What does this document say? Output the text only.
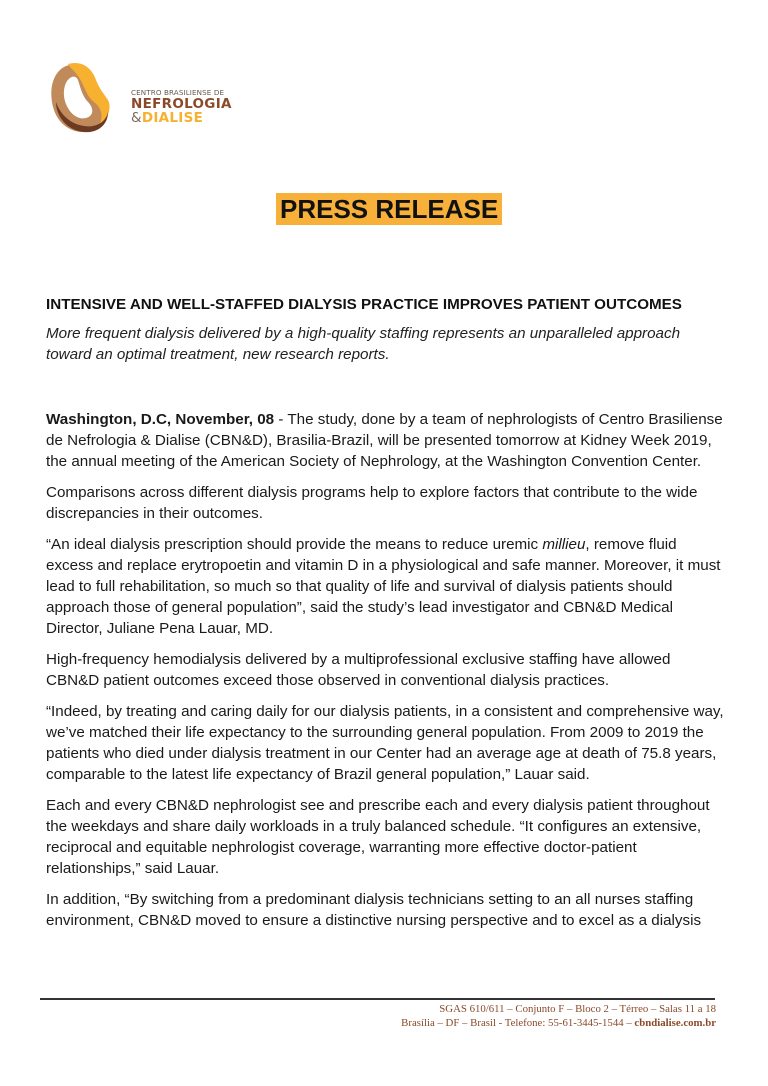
CENTRO BRASILIENSE DE
NEFROLOGIA
&DIALISE
PRESS RELEASE
INTENSIVE AND WELL-STAFFED DIALYSIS PRACTICE IMPROVES PATIENT OUTCOMES

More frequent dialysis delivered by a high-quality staffing represents an unparalleled approach toward an optimal treatment, new research reports.

Washington, D.C, November, 08 - The study, done by a team of nephrologists of Centro Brasiliense de Nefrologia & Dialise (CBN&D), Brasilia-Brazil, will be presented tomorrow at Kidney Week 2019, the annual meeting of the American Society of Nephrology, at the Washington Convention Center.

Comparisons across different dialysis programs help to explore factors that contribute to the wide discrepancies in their outcomes.

“An ideal dialysis prescription should provide the means to reduce uremic millieu, remove fluid excess and replace erytropoetin and vitamin D in a physiological and safe manner. Moreover, it must lead to full rehabilitation, so much so that quality of life and survival of dialysis patients should approach those of general population”, said the study’s lead investigator and CBN&D Medical Director, Juliane Pena Lauar, MD.

High-frequency hemodialysis delivered by a multiprofessional exclusive staffing have allowed CBN&D patient outcomes exceed those observed in conventional dialysis practices.

“Indeed, by treating and caring daily for our dialysis patients, in a consistent and comprehensive way, we’ve matched their life expectancy to the surrounding general population. From 2009 to 2019 the patients who died under dialysis treatment in our Center had an average age at death of 75.8 years, comparable to the latest life expectancy of Brazil general population,” Lauar said.

Each and every CBN&D nephrologist see and prescribe each and every dialysis patient throughout the weekdays and share daily workloads in a truly balanced schedule. “It configures an extensive, reciprocal and equitable nephrologist coverage, warranting more effective doctor-patient relationships,” said Lauar.

In addition, “By switching from a predominant dialysis technicians setting to an all nurses staffing environment, CBN&D moved to ensure a distinctive nursing perspective and to excel as a dialysis

SGAS 610/611 – Conjunto F – Bloco 2 – Térreo – Salas 11 a 18
Brasília – DF – Brasil - Telefone: 55-61-3445-1544 – cbndialise.com.br
